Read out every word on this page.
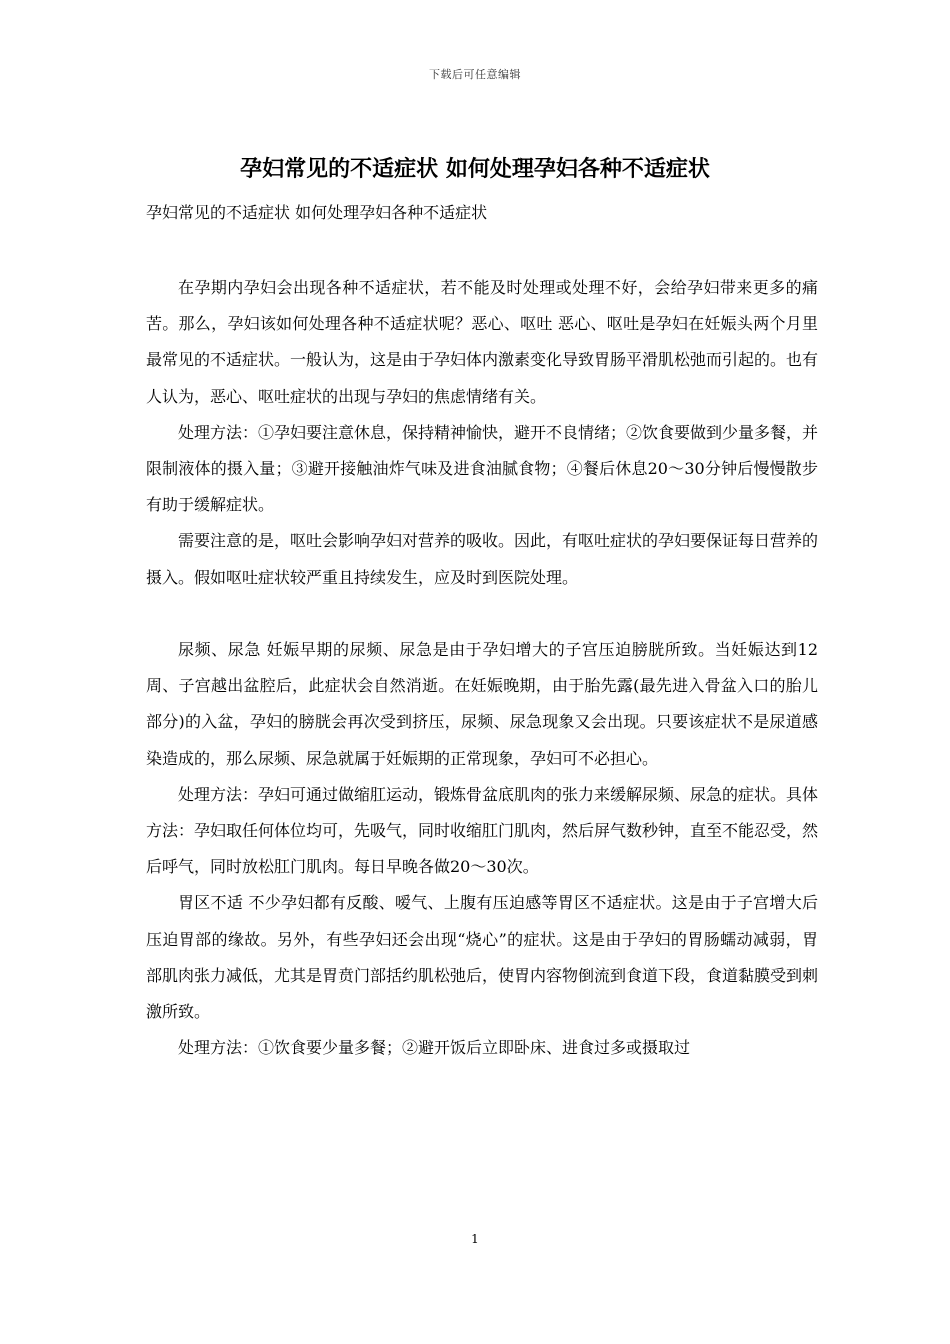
下载后可任意编辑
孕妇常见的不适症状 如何处理孕妇各种不适症状
孕妇常见的不适症状 如何处理孕妇各种不适症状

在孕期内孕妇会出现各种不适症状，若不能及时处理或处理不好，会给孕妇带来更多的痛苦。那么，孕妇该如何处理各种不适症状呢？恶心、呕吐 恶心、呕吐是孕妇在妊娠头两个月里最常见的不适症状。一般认为，这是由于孕妇体内激素变化导致胃肠平滑肌松弛而引起的。也有人认为，恶心、呕吐症状的出现与孕妇的焦虑情绪有关。

处理方法：①孕妇要注意休息，保持精神愉快，避开不良情绪；②饮食要做到少量多餐，并限制液体的摄入量；③避开接触油炸气味及进食油腻食物；④餐后休息20～30分钟后慢慢散步有助于缓解症状。

需要注意的是，呕吐会影响孕妇对营养的吸收。因此，有呕吐症状的孕妇要保证每日营养的摄入。假如呕吐症状较严重且持续发生，应及时到医院处理。

尿频、尿急 妊娠早期的尿频、尿急是由于孕妇增大的子宫压迫膀胱所致。当妊娠达到12周、子宫越出盆腔后，此症状会自然消逝。在妊娠晚期，由于胎先露(最先进入骨盆入口的胎儿部分)的入盆，孕妇的膀胱会再次受到挤压，尿频、尿急现象又会出现。只要该症状不是尿道感染造成的，那么尿频、尿急就属于妊娠期的正常现象，孕妇可不必担心。

处理方法：孕妇可通过做缩肛运动，锻炼骨盆底肌肉的张力来缓解尿频、尿急的症状。具体方法：孕妇取任何体位均可，先吸气，同时收缩肛门肌肉，然后屏气数秒钟，直至不能忍受，然后呼气，同时放松肛门肌肉。每日早晚各做20～30次。

胃区不适 不少孕妇都有反酸、嗳气、上腹有压迫感等胃区不适症状。这是由于子宫增大后压迫胃部的缘故。另外，有些孕妇还会出现“烧心”的症状。这是由于孕妇的胃肠蠕动减弱，胃部肌肉张力减低，尤其是胃贲门部括约肌松弛后，使胃内容物倒流到食道下段，食道黏膜受到刺激所致。

处理方法：①饮食要少量多餐；②避开饭后立即卧床、进食过多或摄取过

1
